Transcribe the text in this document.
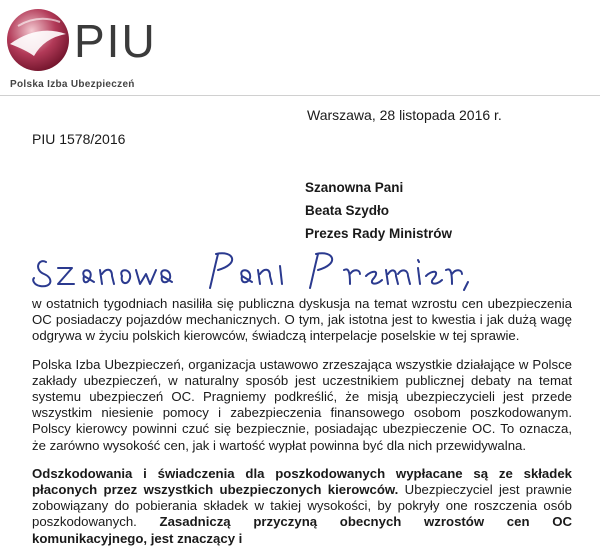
PIU
Polska Izba Ubezpieczeń
Warszawa, 28 listopada 2016 r.
PIU 1578/2016
Szanowna Pani
Beata Szydło
Prezes Rady Ministrów

w ostatnich tygodniach nasiliła się publiczna dyskusja na temat wzrostu cen ubezpieczenia OC posiadaczy pojazdów mechanicznych. O tym, jak istotna jest to kwestia i jak dużą wagę odgrywa w życiu polskich kierowców, świadczą interpelacje poselskie w tej sprawie.

Polska Izba Ubezpieczeń, organizacja ustawowo zrzeszająca wszystkie działające w Polsce zakłady ubezpieczeń, w naturalny sposób jest uczestnikiem publicznej debaty na temat systemu ubezpieczeń OC. Pragniemy podkreślić, że misją ubezpieczycieli jest przede wszystkim niesienie pomocy i zabezpieczenia finansowego osobom poszkodowanym. Polscy kierowcy powinni czuć się bezpiecznie, posiadając ubezpieczenie OC. To oznacza, że zarówno wysokość cen, jak i wartość wypłat powinna być dla nich przewidywalna.

Odszkodowania i świadczenia dla poszkodowanych wypłacane są ze składek płaconych przez wszystkich ubezpieczonych kierowców. Ubezpieczyciel jest prawnie zobowiązany do pobierania składek w takiej wysokości, by pokryły one roszczenia osób poszkodowanych. Zasadniczą przyczyną obecnych wzrostów cen OC komunikacyjnego, jest znaczący i
